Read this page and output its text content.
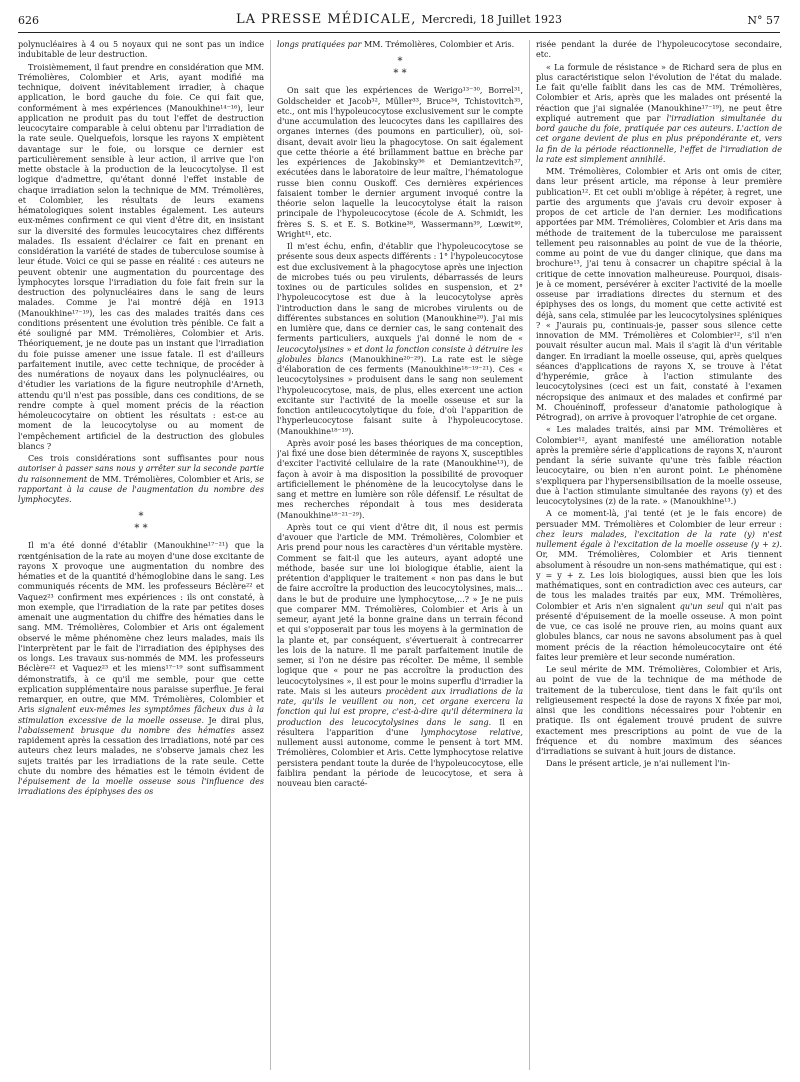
626	LA PRESSE MÉDICALE, Mercredi, 18 Juillet 1923	N° 57

polynucléaires à 4 ou 5 noyaux qui ne sont pas un indice indubitable de leur destruction.

Troisièmement, il faut prendre en considération que MM. Trémolières, Colombier et Aris, ayant modifié ma technique, doivent inévitablement irradier, à chaque application, le bord gauche du foie. Ce qui fait que, conformément à mes expériences (Manoukhine¹⁴⁻¹⁶), leur application ne produit pas du tout l'effet de destruction leucocytaire comparable à celui obtenu par l'irradiation de la rate seule. Quelquefois, lorsque les rayons X empiètent davantage sur le foie, ou lorsque ce dernier est particulièrement sensible à leur action, il arrive que l'on mette obstacle à la production de la leucocytolyse. Il est logique d'admettre, qu'étant donné l'effet instable de chaque irradiation selon la technique de MM. Trémolières, et Colombier, les résultats de leurs examens hématologiques soient instables également. Les auteurs eux-mêmes confirment ce qui vient d'être dit, en insistant sur la diversité des formules leucocytaires chez différents malades. Ils essaient d'éclairer ce fait en prenant en considération la variété de stades de tuberculose soumise à leur étude. Voici ce qui se passe en réalité : ces auteurs ne peuvent obtenir une augmentation du pourcentage des lymphocytes lorsque l'irradiation du foie fait frein sur la destruction des polynucléaires dans le sang de leurs malades. Comme je l'ai montré déjà en 1913 (Manoukhine¹⁷⁻¹⁹), les cas des malades traités dans ces conditions présentent une évolution très pénible. Ce fait a été souligné par MM. Trémolières, Colombier et Aris. Théoriquement, je ne doute pas un instant que l'irradiation du foie puisse amener une issue fatale. Il est d'ailleurs parfaitement inutile, avec cette technique, de procéder à des numérations de noyaux dans les polynucléaires, ou d'étudier les variations de la figure neutrophile d'Arneth, attendu qu'il n'est pas possible, dans ces conditions, de se rendre compte à quel moment précis de la réaction hémoleucocytaire on obtient les résultats : est-ce au moment de la leucocytolyse ou au moment de l'empêchement artificiel de la destruction des globules blancs ?

Ces trois considérations sont suffisantes pour nous autoriser à passer sans nous y arrêter sur la seconde partie du raisonnement de MM. Trémolières, Colombier et Aris, se rapportant à la cause de l'augmentation du nombre des lymphocytes.

*
* *

Il m'a été donné d'établir (Manoukhine¹⁷⁻²¹) que la rœntgénisation de la rate au moyen d'une dose excitante de rayons X provoque une augmentation du nombre des hématies et de la quantité d'hémoglobine dans le sang. Les communiqués récents de MM. les professeurs Béclère²² et Vaquez²³ confirment mes expériences : ils ont constaté, à mon exemple, que l'irradiation de la rate par petites doses amenait une augmentation du chiffre des hématies dans le sang. MM. Trémolières, Colombier et Aris ont également observé le même phénomène chez leurs malades, mais ils l'interprètent par le fait de l'irradiation des épiphyses des os longs. Les travaux sus-nommés de MM. les professeurs Béclère²² et Vaquez²³ et les miens¹⁷⁻¹⁹ sont suffisamment démonstratifs, à ce qu'il me semble, pour que cette explication supplémentaire nous paraisse superflue. Je ferai remarquer, en outre, que MM. Trémolières, Colombier et Aris signalent eux-mêmes les symptômes fâcheux dus à la stimulation excessive de la moelle osseuse. Je dirai plus, l'abaissement brusque du nombre des hématies assez rapidement après la cessation des irradiations, noté par ces auteurs chez leurs malades, ne s'observe jamais chez les sujets traités par les irradiations de la rate seule. Cette chute du nombre des hématies est le témoin évident de l'épuisement de la moelle osseuse sous l'influence des irradiations des épiphyses des os

longs pratiquées par MM. Trémolières, Colombier et Aris.

*
* *

On sait que les expériences de Werigo¹³⁻³⁰, Borrel³¹, Goldscheider et Jacob³², Müller³³, Bruce³⁴, Tchistovitch³⁵, etc., ont mis l'hypoleucocytose exclusivement sur le compte d'une accumulation des leucocytes dans les capillaires des organes internes (des poumons en particulier), où, soi-disant, devait avoir lieu la phagocytose. On sait également que cette théorie a été brillamment battue en brèche par les expériences de Jakobinsky³⁶ et Demiantzevitch³⁷, exécutées dans le laboratoire de leur maître, l'hématologue russe bien connu Ouskoff. Ces dernières expériences faisaient tomber le dernier argument invoqué contre la théorie selon laquelle la leucocytolyse était la raison principale de l'hypoleucocytose (école de A. Schmidt, les frères S. S. et E. S. Botkine³⁸, Wassermann³⁹, Lœwit⁴⁰, Wright⁴¹, etc.

Il m'est échu, enfin, d'établir que l'hypoleucocytose se présente sous deux aspects différents : 1° l'hypoleucocytose est due exclusivement à la phagocytose après une injection de microbes tués ou peu virulents, débarrassés de leurs toxines ou de particules solides en suspension, et 2° l'hypoleucocytose est due à la leucocytolyse après l'introduction dans le sang de microbes virulents ou de différentes substances en solution (Manoukhine²⁰). J'ai mis en lumière que, dans ce dernier cas, le sang contenait des ferments particuliers, auxquels j'ai donné le nom de « leucocytolysines » et dont la fonction consiste à détruire les globules blancs (Manoukhine²⁰⁻²⁹). La rate est le siège d'élaboration de ces ferments (Manoukhine¹⁸⁻¹⁹⁻²¹). Ces « leucocytolysines » produisent dans le sang non seulement l'hypoleucocytose, mais, de plus, elles exercent une action excitante sur l'activité de la moelle osseuse et sur la fonction antileucocytolytique du foie, d'où l'apparition de l'hyperleucocytose faisant suite à l'hypoleucocytose. (Manoukhine¹⁸⁻¹⁹).

Après avoir posé les bases théoriques de ma conception, j'ai fixé une dose bien déterminée de rayons X, susceptibles d'exciter l'activité cellulaire de la rate (Manoukhine¹³), de façon à avoir à ma disposition la possibilité de provoquer artificiellement le phénomène de la leucocytolyse dans le sang et mettre en lumière son rôle défensif. Le résultat de mes recherches répondait à tous mes desiderata (Manoukhine¹⁸⁻²¹⁻²⁹).

Après tout ce qui vient d'être dit, il nous est permis d'avouer que l'article de MM. Trémolières, Colombier et Aris prend pour nous les caractères d'un véritable mystère. Comment se fait-il que les auteurs, ayant adopté une méthode, basée sur une loi biologique établie, aient la prétention d'appliquer le traitement « non pas dans le but de faire accroître la production des leucocytolysines, mais... dans le but de produire une lymphocytose,...? » Je ne puis que comparer MM. Trémolières, Colombier et Aris à un semeur, ayant jeté la bonne graine dans un terrain fécond et qui s'opposerait par tous les moyens à la germination de la plante et, par conséquent, s'évertuerait à contrecarrer les lois de la nature. Il me paraît parfaitement inutile de semer, si l'on ne désire pas récolter. De même, il semble logique que « pour ne pas accroître la production des leucocytolysines », il est pour le moins superflu d'irradier la rate. Mais si les auteurs procèdent aux irradiations de la rate, qu'ils le veuillent ou non, cet organe exercera la fonction qui lui est propre, c'est-à-dire qu'il déterminera la production des leucocytolysines dans le sang. Il en résultera l'apparition d'une lymphocytose relative, nullement aussi autonome, comme le pensent à tort MM. Trémolières, Colombier et Aris. Cette lymphocytose relative persistera pendant toute la durée de l'hypoleucocytose, elle faiblira pendant la période de leucocytose, et sera à nouveau bien caracté-

risée pendant la durée de l'hypoleucocytose secondaire, etc.

« La formule de résistance » de Richard sera de plus en plus caractéristique selon l'évolution de l'état du malade. Le fait qu'elle faiblit dans les cas de MM. Trémolières, Colombier et Aris, après que les malades ont présenté la réaction que j'ai signalée (Manoukhine¹⁷⁻¹⁹), ne peut être expliqué autrement que par l'irradiation simultanée du bord gauche du foie, pratiquée par ces auteurs. L'action de cet organe devient de plus en plus prépondérante et, vers la fin de la période réactionnelle, l'effet de l'irradiation de la rate est simplement annihilé.

MM. Trémolières, Colombier et Aris ont omis de citer, dans leur présent article, ma réponse à leur première publication¹². Et cet oubli m'oblige à répéter, à regret, une partie des arguments que j'avais cru devoir exposer à propos de cet article de l'an dernier. Les modifications apportées par MM. Trémolières, Colombier et Aris dans ma méthode de traitement de la tuberculose me paraissent tellement peu raisonnables au point de vue de la théorie, comme au point de vue du danger clinique, que dans ma brochure¹³, j'ai tenu à consacrer un chapitre spécial à la critique de cette innovation malheureuse. Pourquoi, disais-je à ce moment, persévérer à exciter l'activité de la moelle osseuse par irradiations directes du sternum et des épiphyses des os longs, du moment que cette activité est déjà, sans cela, stimulée par les leucocytolysines spléniques ? « J'aurais pu, continuais-je, passer sous silence cette innovation de MM. Trémolières et Colombier¹², s'il n'en pouvait résulter aucun mal. Mais il s'agit là d'un véritable danger. En irradiant la moelle osseuse, qui, après quelques séances d'applications de rayons X, se trouve à l'état d'hyperémie, grâce à l'action stimulante des leucocytolysines (ceci est un fait, constaté à l'examen nécropsique des animaux et des malades et confirmé par M. Chouéninoff, professeur d'anatomie pathologique à Pétrograd), on arrive à provoquer l'atrophie de cet organe.

« Les malades traités, ainsi par MM. Trémolières et Colombier¹², ayant manifesté une amélioration notable après la première série d'applications de rayons X, n'auront pendant la série suivante qu'une très faible réaction leucocytaire, ou bien n'en auront point. Le phénomène s'expliquera par l'hypersensibilisation de la moelle osseuse, due à l'action stimulante simultanée des rayons (y) et des leucocytolysines (z) de la rate. » (Manoukhine¹³.)

A ce moment-là, j'ai tenté (et je le fais encore) de persuader MM. Trémolières et Colombier de leur erreur : chez leurs malades, l'excitation de la rate (y) n'est nullement égale à l'excitation de la moelle osseuse (y + z). Or, MM. Trémolières, Colombier et Aris tiennent absolument à résoudre un non-sens mathématique, qui est : y = y + z. Les lois biologiques, aussi bien que les lois mathématiques, sont en contradiction avec ces auteurs, car de tous les malades traités par eux, MM. Trémolières, Colombier et Aris n'en signalent qu'un seul qui n'ait pas présenté d'épuisement de la moelle osseuse. A mon point de vue, ce cas isolé ne prouve rien, au moins quant aux globules blancs, car nous ne savons absolument pas à quel moment précis de la réaction hémoleucocytaire ont été faites leur première et leur seconde numération.

Le seul mérite de MM. Trémolières, Colombier et Aris, au point de vue de la technique de ma méthode de traitement de la tuberculose, tient dans le fait qu'ils ont religieusement respecté la dose de rayons X fixée par moi, ainsi que les conditions nécessaires pour l'obtenir en pratique. Ils ont également trouvé prudent de suivre exactement mes prescriptions au point de vue de la fréquence et du nombre maximum des séances d'irradiations se suivant à huit jours de distance.

Dans le présent article, je n'ai nullement l'in-
